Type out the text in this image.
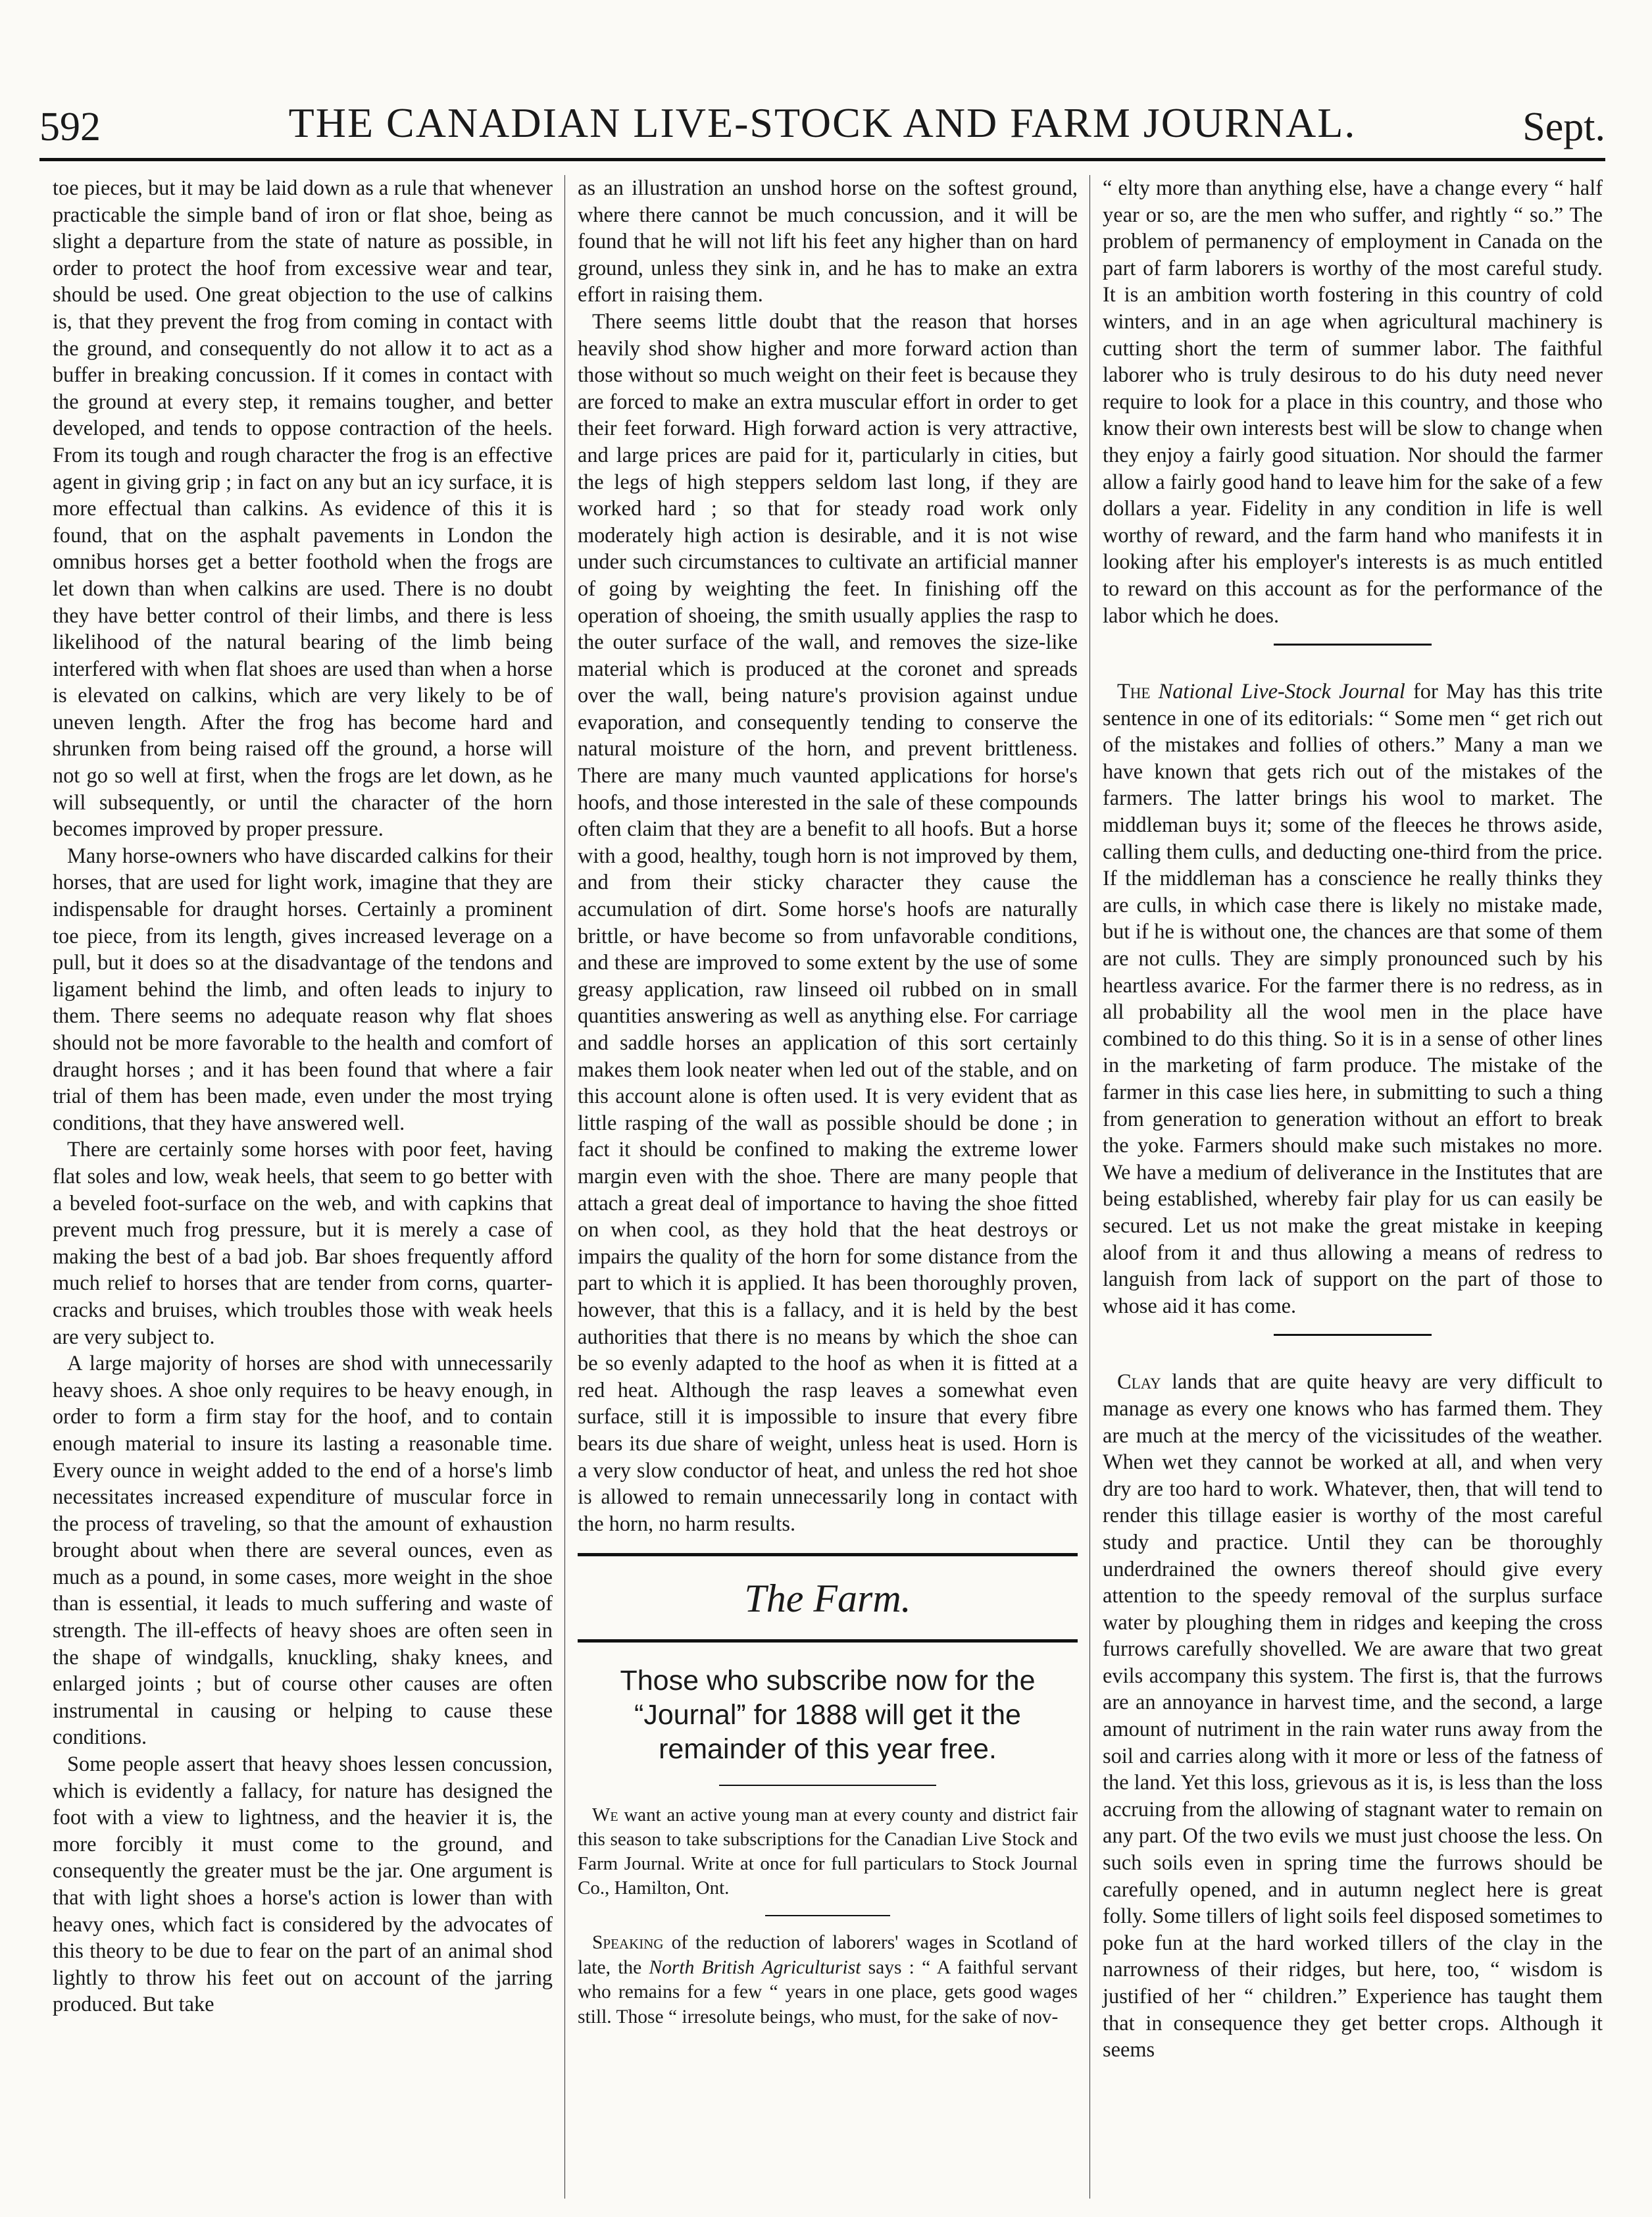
592	THE CANADIAN LIVE-STOCK AND FARM JOURNAL.	Sept.

toe pieces, but it may be laid down as a rule that whenever practicable the simple band of iron or flat shoe, being as slight a departure from the state of nature as possible, in order to protect the hoof from excessive wear and tear, should be used. One great objection to the use of calkins is, that they prevent the frog from coming in contact with the ground, and consequently do not allow it to act as a buffer in breaking concussion. If it comes in contact with the ground at every step, it remains tougher, and better developed, and tends to oppose contraction of the heels. From its tough and rough character the frog is an effective agent in giving grip ; in fact on any but an icy surface, it is more effectual than calkins. As evidence of this it is found, that on the asphalt pavements in London the omnibus horses get a better foothold when the frogs are let down than when calkins are used. There is no doubt they have better control of their limbs, and there is less likelihood of the natural bearing of the limb being interfered with when flat shoes are used than when a horse is elevated on calkins, which are very likely to be of uneven length. After the frog has become hard and shrunken from being raised off the ground, a horse will not go so well at first, when the frogs are let down, as he will subsequently, or until the character of the horn becomes improved by proper pressure.

Many horse-owners who have discarded calkins for their horses, that are used for light work, imagine that they are indispensable for draught horses. Certainly a prominent toe piece, from its length, gives increased leverage on a pull, but it does so at the disadvantage of the tendons and ligament behind the limb, and often leads to injury to them. There seems no adequate reason why flat shoes should not be more favorable to the health and comfort of draught horses ; and it has been found that where a fair trial of them has been made, even under the most trying conditions, that they have answered well.

There are certainly some horses with poor feet, having flat soles and low, weak heels, that seem to go better with a beveled foot-surface on the web, and with capkins that prevent much frog pressure, but it is merely a case of making the best of a bad job. Bar shoes frequently afford much relief to horses that are tender from corns, quarter-cracks and bruises, which troubles those with weak heels are very subject to.

A large majority of horses are shod with unnecessarily heavy shoes. A shoe only requires to be heavy enough, in order to form a firm stay for the hoof, and to contain enough material to insure its lasting a reasonable time. Every ounce in weight added to the end of a horse's limb necessitates increased expenditure of muscular force in the process of traveling, so that the amount of exhaustion brought about when there are several ounces, even as much as a pound, in some cases, more weight in the shoe than is essential, it leads to much suffering and waste of strength. The ill-effects of heavy shoes are often seen in the shape of windgalls, knuckling, shaky knees, and enlarged joints ; but of course other causes are often instrumental in causing or helping to cause these conditions.

Some people assert that heavy shoes lessen concussion, which is evidently a fallacy, for nature has designed the foot with a view to lightness, and the heavier it is, the more forcibly it must come to the ground, and consequently the greater must be the jar. One argument is that with light shoes a horse's action is lower than with heavy ones, which fact is considered by the advocates of this theory to be due to fear on the part of an animal shod lightly to throw his feet out on account of the jarring produced. But take

as an illustration an unshod horse on the softest ground, where there cannot be much concussion, and it will be found that he will not lift his feet any higher than on hard ground, unless they sink in, and he has to make an extra effort in raising them.

There seems little doubt that the reason that horses heavily shod show higher and more forward action than those without so much weight on their feet is because they are forced to make an extra muscular effort in order to get their feet forward. High forward action is very attractive, and large prices are paid for it, particularly in cities, but the legs of high steppers seldom last long, if they are worked hard ; so that for steady road work only moderately high action is desirable, and it is not wise under such circumstances to cultivate an artificial manner of going by weighting the feet. In finishing off the operation of shoeing, the smith usually applies the rasp to the outer surface of the wall, and removes the size-like material which is produced at the coronet and spreads over the wall, being nature's provision against undue evaporation, and consequently tending to conserve the natural moisture of the horn, and prevent brittleness. There are many much vaunted applications for horse's hoofs, and those interested in the sale of these compounds often claim that they are a benefit to all hoofs. But a horse with a good, healthy, tough horn is not improved by them, and from their sticky character they cause the accumulation of dirt. Some horse's hoofs are naturally brittle, or have become so from unfavorable conditions, and these are improved to some extent by the use of some greasy application, raw linseed oil rubbed on in small quantities answering as well as anything else. For carriage and saddle horses an application of this sort certainly makes them look neater when led out of the stable, and on this account alone is often used. It is very evident that as little rasping of the wall as possible should be done ; in fact it should be confined to making the extreme lower margin even with the shoe. There are many people that attach a great deal of importance to having the shoe fitted on when cool, as they hold that the heat destroys or impairs the quality of the horn for some distance from the part to which it is applied. It has been thoroughly proven, however, that this is a fallacy, and it is held by the best authorities that there is no means by which the shoe can be so evenly adapted to the hoof as when it is fitted at a red heat. Although the rasp leaves a somewhat even surface, still it is impossible to insure that every fibre bears its due share of weight, unless heat is used. Horn is a very slow conductor of heat, and unless the red hot shoe is allowed to remain unnecessarily long in contact with the horn, no harm results.

The Farm.
Those who subscribe now for the “Journal” for 1888 will get it the remainder of this year free.
We want an active young man at every county and district fair this season to take subscriptions for the Canadian Live Stock and Farm Journal. Write at once for full particulars to Stock Journal Co., Hamilton, Ont.
Speaking of the reduction of laborers' wages in Scotland of late, the North British Agriculturist says : “ A faithful servant who remains for a few “ years in one place, gets good wages still. Those “ irresolute beings, who must, for the sake of nov-

“ elty more than anything else, have a change every “ half year or so, are the men who suffer, and rightly “ so.” The problem of permanency of employment in Canada on the part of farm laborers is worthy of the most careful study. It is an ambition worth fostering in this country of cold winters, and in an age when agricultural machinery is cutting short the term of summer labor. The faithful laborer who is truly desirous to do his duty need never require to look for a place in this country, and those who know their own interests best will be slow to change when they enjoy a fairly good situation. Nor should the farmer allow a fairly good hand to leave him for the sake of a few dollars a year. Fidelity in any condition in life is well worthy of reward, and the farm hand who manifests it in looking after his employer's interests is as much entitled to reward on this account as for the performance of the labor which he does.

The National Live-Stock Journal for May has this trite sentence in one of its editorials: “ Some men “ get rich out of the mistakes and follies of others.” Many a man we have known that gets rich out of the mistakes of the farmers. The latter brings his wool to market. The middleman buys it; some of the fleeces he throws aside, calling them culls, and deducting one-third from the price. If the middleman has a conscience he really thinks they are culls, in which case there is likely no mistake made, but if he is without one, the chances are that some of them are not culls. They are simply pronounced such by his heartless avarice. For the farmer there is no redress, as in all probability all the wool men in the place have combined to do this thing. So it is in a sense of other lines in the marketing of farm produce. The mistake of the farmer in this case lies here, in submitting to such a thing from generation to generation without an effort to break the yoke. Farmers should make such mistakes no more. We have a medium of deliverance in the Institutes that are being established, whereby fair play for us can easily be secured. Let us not make the great mistake in keeping aloof from it and thus allowing a means of redress to languish from lack of support on the part of those to whose aid it has come.

Clay lands that are quite heavy are very difficult to manage as every one knows who has farmed them. They are much at the mercy of the vicissitudes of the weather. When wet they cannot be worked at all, and when very dry are too hard to work. Whatever, then, that will tend to render this tillage easier is worthy of the most careful study and practice. Until they can be thoroughly underdrained the owners thereof should give every attention to the speedy removal of the surplus surface water by ploughing them in ridges and keeping the cross furrows carefully shovelled. We are aware that two great evils accompany this system. The first is, that the furrows are an annoyance in harvest time, and the second, a large amount of nutriment in the rain water runs away from the soil and carries along with it more or less of the fatness of the land. Yet this loss, grievous as it is, is less than the loss accruing from the allowing of stagnant water to remain on any part. Of the two evils we must just choose the less. On such soils even in spring time the furrows should be carefully opened, and in autumn neglect here is great folly. Some tillers of light soils feel disposed sometimes to poke fun at the hard worked tillers of the clay in the narrowness of their ridges, but here, too, “ wisdom is justified of her “ children.” Experience has taught them that in consequence they get better crops. Although it seems
